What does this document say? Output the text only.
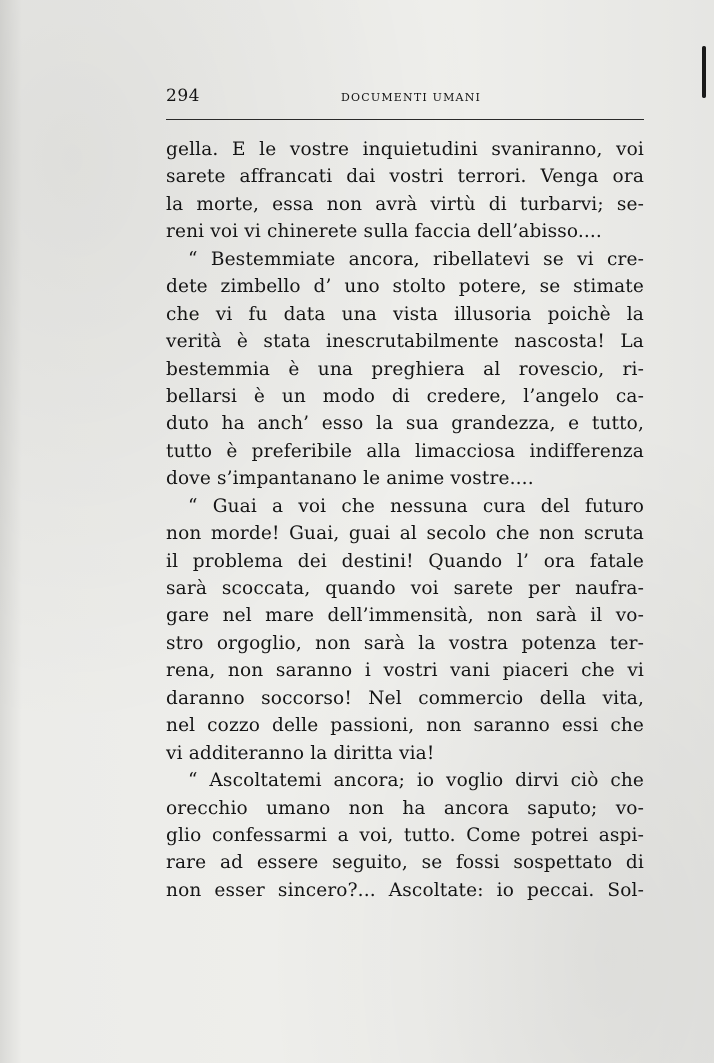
294	DOCUMENTI UMANI
gella. E le vostre inquietudini svaniranno, voi
sarete affrancati dai vostri terrori. Venga ora
la morte, essa non avrà virtù di turbarvi; se-
reni voi vi chinerete sulla faccia dell’abisso....
“ Bestemmiate ancora, ribellatevi se vi cre-
dete zimbello d’ uno stolto potere, se stimate
che vi fu data una vista illusoria poichè la
verità è stata inescrutabilmente nascosta! La
bestemmia è una preghiera al rovescio, ri-
bellarsi è un modo di credere, l’angelo ca-
duto ha anch’ esso la sua grandezza, e tutto,
tutto è preferibile alla limacciosa indifferenza
dove s’impantanano le anime vostre....
“ Guai a voi che nessuna cura del futuro
non morde! Guai, guai al secolo che non scruta
il problema dei destini! Quando l’ ora fatale
sarà scoccata, quando voi sarete per naufra-
gare nel mare dell’immensità, non sarà il vo-
stro orgoglio, non sarà la vostra potenza ter-
rena, non saranno i vostri vani piaceri che vi
daranno soccorso! Nel commercio della vita,
nel cozzo delle passioni, non saranno essi che
vi additeranno la diritta via!
“ Ascoltatemi ancora; io voglio dirvi ciò che
orecchio umano non ha ancora saputo; vo-
glio confessarmi a voi, tutto. Come potrei aspi-
rare ad essere seguito, se fossi sospettato di
non esser sincero?... Ascoltate: io peccai. Sol-
